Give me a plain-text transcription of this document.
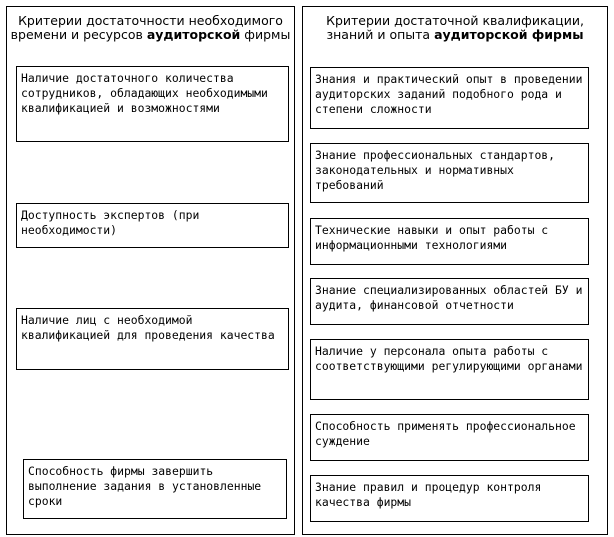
Критерии достаточности необходимого времени и ресурсов аудиторской фирмы
Наличие достаточного количества сотрудников, обладающих необходимыми квалификацией и возможностями
Доступность экспертов (при необходимости)
Наличие лиц с необходимой квалификацией для проведения качества
Способность фирмы завершить выполнение задания в установленные сроки
Критерии достаточной квалификации, знаний и опыта аудиторской фирмы
Знания и практический опыт в проведении аудиторских заданий подобного рода и степени сложности
Знание профессиональных стандартов, законодательных и нормативных требований
Технические навыки и опыт работы с информационными технологиями
Знание специализированных областей БУ и аудита, финансовой отчетности
Наличие у персонала опыта работы с соответствующими регулирующими органами
Способность применять профессиональное суждение
Знание правил и процедур контроля качества фирмы
